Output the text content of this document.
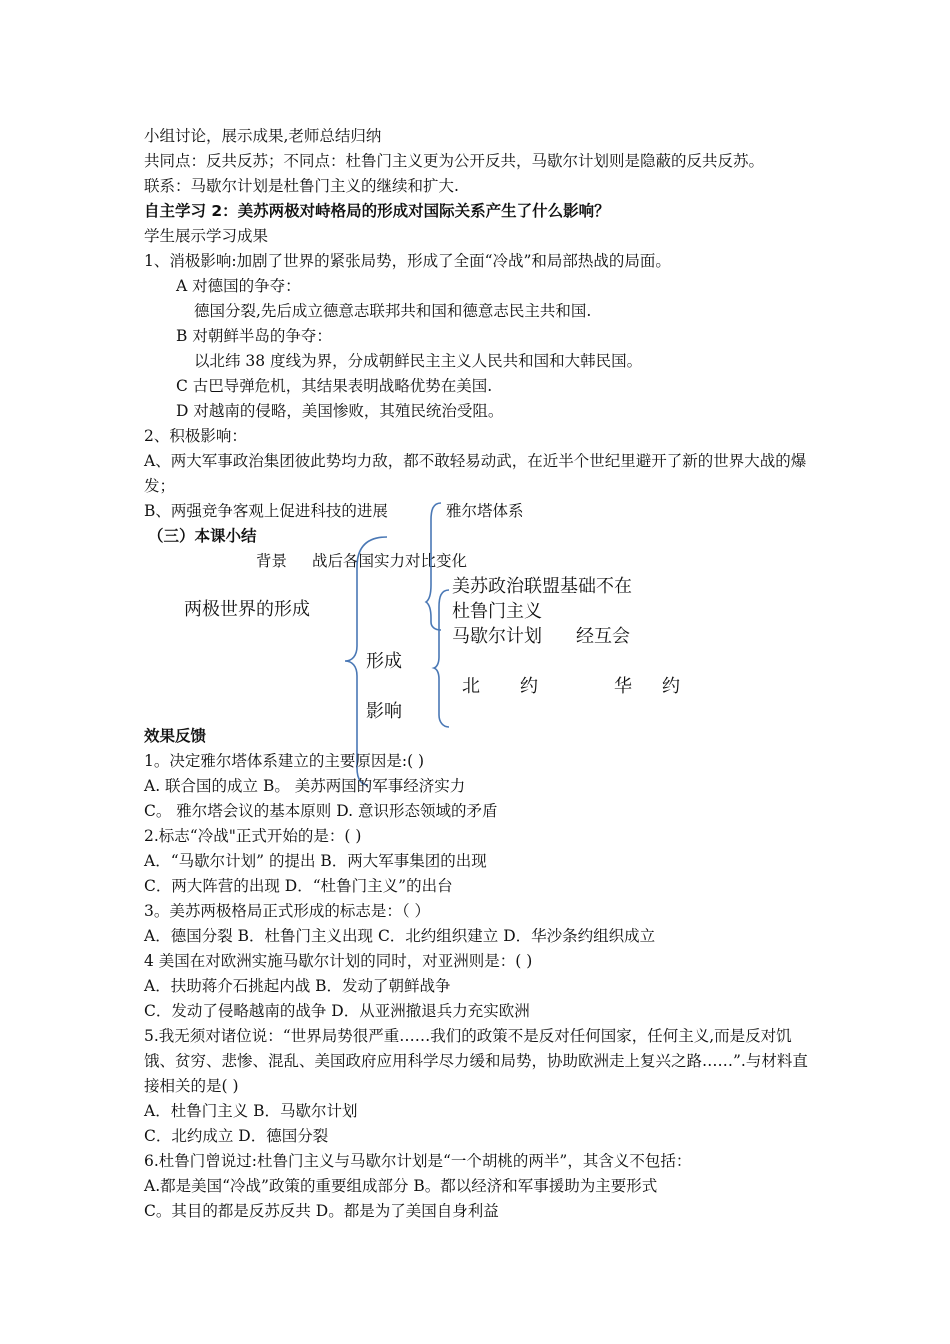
小组讨论，展示成果,老师总结归纳
共同点：反共反苏；不同点：杜鲁门主义更为公开反共，马歇尔计划则是隐蔽的反共反苏。
联系：马歇尔计划是杜鲁门主义的继续和扩大.
自主学习 2：美苏两极对峙格局的形成对国际关系产生了什么影响？
学生展示学习成果
1、消极影响:加剧了世界的紧张局势，形成了全面“冷战”和局部热战的局面。
A 对德国的争夺：
德国分裂,先后成立德意志联邦共和国和德意志民主共和国.
B 对朝鲜半岛的争夺：
以北纬 38 度线为界，分成朝鲜民主主义人民共和国和大韩民国。
C 古巴导弹危机，其结果表明战略优势在美国.
D 对越南的侵略，美国惨败，其殖民统治受阻。
2、积极影响：
A、两大军事政治集团彼此势均力敌，都不敢轻易动武，在近半个世纪里避开了新的世界大战的爆发；
B、两强竞争客观上促进科技的进展
（三）本课小结
雅尔塔体系
背景 战后各国实力对比变化
美苏政治联盟基础不在
两极世界的形成	杜鲁门主义
马歇尔计划 经互会
形成
北 约	华 约
影响
效果反馈
1。决定雅尔塔体系建立的主要原因是:( )
A. 联合国的成立 B。 美苏两国的军事经济实力
C。 雅尔塔会议的基本原则 D. 意识形态领域的矛盾
2.标志“冷战"正式开始的是：( )
A．“马歇尔计划” 的提出 B．两大军事集团的出现
C．两大阵营的出现 D．“杜鲁门主义”的出台
3。美苏两极格局正式形成的标志是：（ ）
A．德国分裂 B．杜鲁门主义出现 C．北约组织建立 D．华沙条约组织成立
4 美国在对欧洲实施马歇尔计划的同时，对亚洲则是：( )
A．扶助蒋介石挑起内战 B．发动了朝鲜战争
C．发动了侵略越南的战争 D．从亚洲撤退兵力充实欧洲
5.我无须对诸位说：“世界局势很严重……我们的政策不是反对任何国家，任何主义,而是反对饥饿、贫穷、悲惨、混乱、美国政府应用科学尽力缓和局势，协助欧洲走上复兴之路……”.与材料直接相关的是( )
A．杜鲁门主义 B．马歇尔计划
C．北约成立 D．德国分裂
6.杜鲁门曾说过:杜鲁门主义与马歇尔计划是“一个胡桃的两半”，其含义不包括：
A.都是美国“冷战”政策的重要组成部分 B。都以经济和军事援助为主要形式
C。其目的都是反苏反共 D。都是为了美国自身利益
